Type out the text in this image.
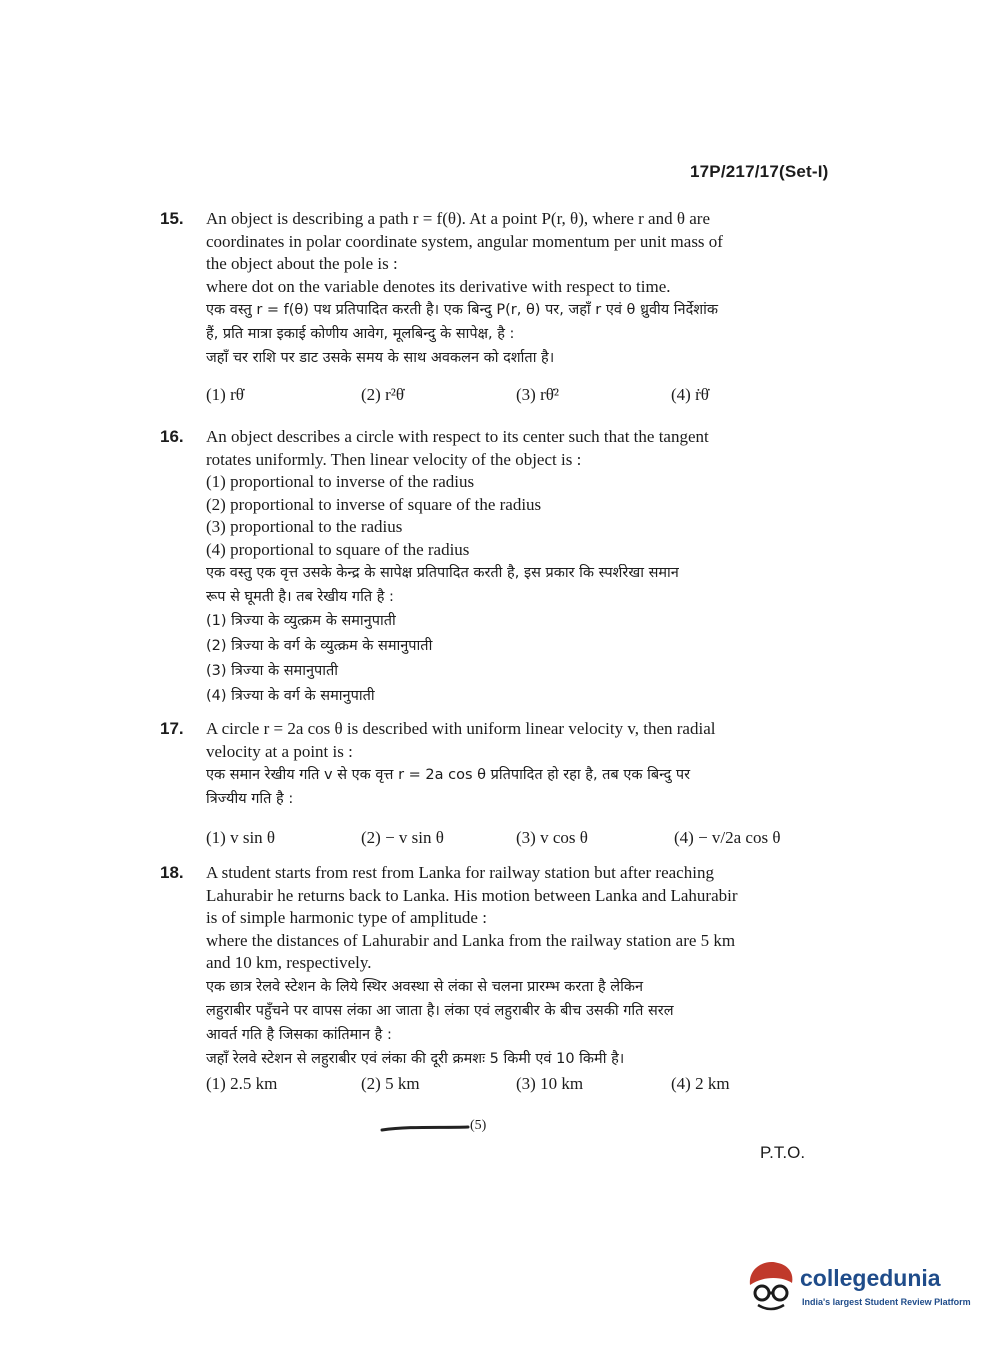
17P/217/17(Set-I)
15. An object is describing a path r = f(θ). At a point P(r, θ), where r and θ are
coordinates in polar coordinate system, angular momentum per unit mass of
the object about the pole is :
where dot on the variable denotes its derivative with respect to time.
एक वस्तु r = f(θ) पथ प्रतिपादित करती है। एक बिन्दु P(r, θ) पर, जहाँ r एवं θ ध्रुवीय निर्देशांक
हैं, प्रति मात्रा इकाई कोणीय आवेग, मूलबिन्दु के सापेक्ष, है :
जहाँ चर राशि पर डाट उसके समय के साथ अवकलन को दर्शाता है।
(1) rθ̇	(2) r²θ̇	(3) rθ̇²	(4) ṙθ̇
16. An object describes a circle with respect to its center such that the tangent
rotates uniformly. Then linear velocity of the object is :
(1) proportional to inverse of the radius
(2) proportional to inverse of square of the radius
(3) proportional to the radius
(4) proportional to square of the radius
एक वस्तु एक वृत्त उसके केन्द्र के सापेक्ष प्रतिपादित करती है, इस प्रकार कि स्पर्शरेखा समान
रूप से घूमती है। तब रेखीय गति है :
(1) त्रिज्या के व्युत्क्रम के समानुपाती
(2) त्रिज्या के वर्ग के व्युत्क्रम के समानुपाती
(3) त्रिज्या के समानुपाती
(4) त्रिज्या के वर्ग के समानुपाती
17. A circle r = 2a cos θ is described with uniform linear velocity v, then radial
velocity at a point is :
एक समान रेखीय गति v से एक वृत्त r = 2a cos θ प्रतिपादित हो रहा है, तब एक बिन्दु पर
त्रिज्यीय गति है :
(1) v sin θ	(2) − v sin θ	(3) v cos θ	(4) − v/2a cos θ
18. A student starts from rest from Lanka for railway station but after reaching
Lahurabir he returns back to Lanka. His motion between Lanka and Lahurabir
is of simple harmonic type of amplitude :
where the distances of Lahurabir and Lanka from the railway station are 5 km
and 10 km, respectively.
एक छात्र रेलवे स्टेशन के लिये स्थिर अवस्था से लंका से चलना प्रारम्भ करता है लेकिन
लहुराबीर पहुँचने पर वापस लंका आ जाता है। लंका एवं लहुराबीर के बीच उसकी गति सरल
आवर्त गति है जिसका कांतिमान है :
जहाँ रेलवे स्टेशन से लहुराबीर एवं लंका की दूरी क्रमशः 5 किमी एवं 10 किमी है।
(1) 2.5 km	(2) 5 km	(3) 10 km	(4) 2 km
(5)
P.T.O.
collegedunia
India's largest Student Review Platform
